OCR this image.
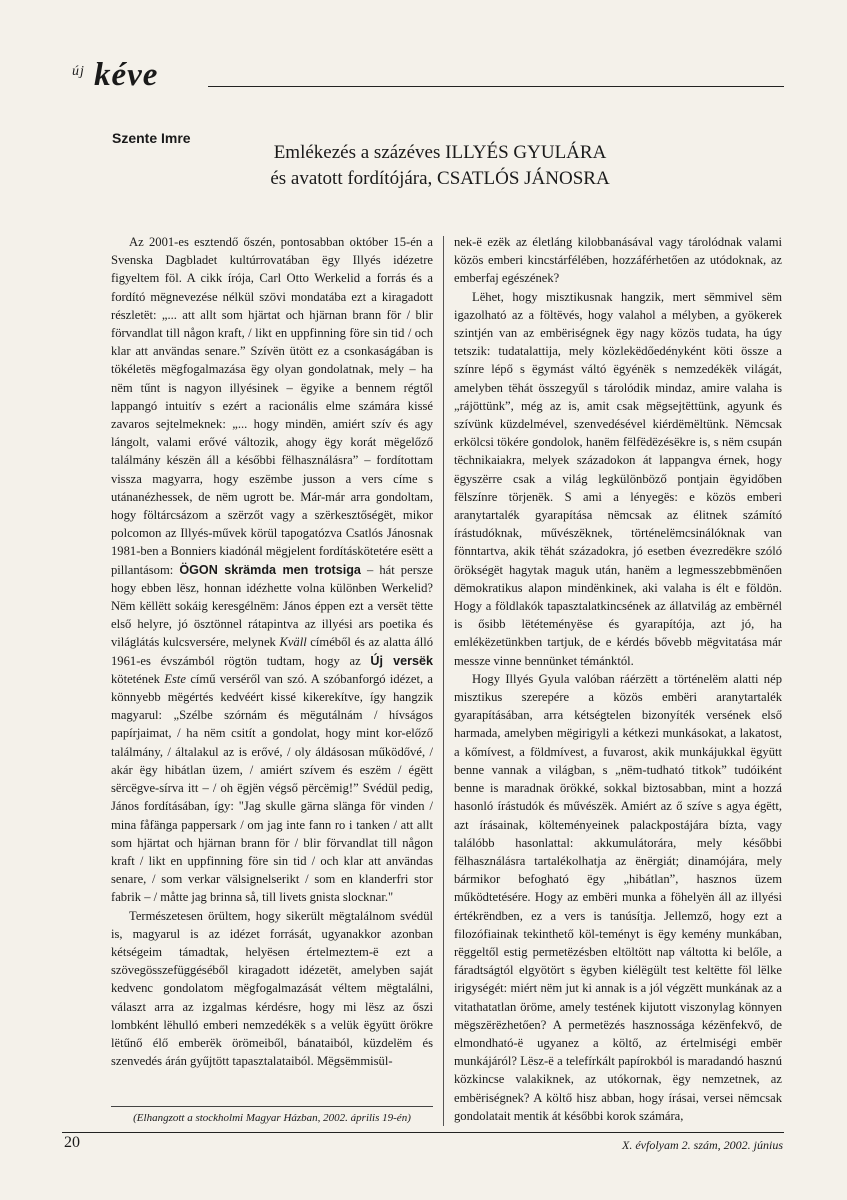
új kéve
Szente Imre
Emlékezés a százéves ILLYÉS GYULÁRA
és avatott fordítójára, CSATLÓS JÁNOSRA

Az 2001-es esztendő őszén, pontosabban október 15-én a Svenska Dagbladet kultúrrovatában ëgy Illyés idézetre figyeltem föl. A cikk írója, Carl Otto Werkelid a forrás és a fordító mëgnevezése nélkül szövi mondatába ezt a kiragadott részletët: „... att allt som hjärtat och hjärnan brann för / blir förvandlat till någon kraft, / likt en uppfinning före sin tid / och klar att användas senare.” Szívën ütött ez a csonkaságában is tökéletës mëgfogalmazása ëgy olyan gondolatnak, mely – ha nëm tűnt is nagyon illyésinek – ëgyike a bennem régtől lappangó intuitív s ezért a racionális elme számára kissé zavaros sejtelmeknek: „... hogy mindën, amiért szív és agy lángolt, valami erővé változik, ahogy ëgy korát mëgelőző találmány készën áll a későbbi fëlhasználásra” – fordítottam vissza magyarra, hogy eszëmbe jusson a vers címe s utánanézhessek, de nëm ugrott be. Már-már arra gondoltam, hogy föltárcsázom a szërzőt vagy a szërkesztőségët, mikor polcomon az Illyés-művek körül tapogatózva Csatlós Jánosnak 1981-ben a Bonniers kiadónál mëgjelent fordításkötetére esëtt a pillantásom: ÖGON skrämda men trotsiga – hát persze hogy ebben lësz, honnan idézhette volna különben Werkelid? Nëm këllëtt sokáig keresgélnëm: János éppen ezt a versët tëtte első helyre, jó ösztönnel rátapintva az illyési ars poetika és világlátás kulcsversére, melynek Kväll címéből és az alatta álló 1961-es évszámból rögtön tudtam, hogy az Új versëk kötetének Este című verséről van szó. A szóbanforgó idézet, a könnyebb mëgértés kedvéért kissé kikerekítve, így hangzik magyarul: „Szélbe szórnám és mëgutálnám / hívságos papírjaimat, / ha nëm csitít a gondolat, hogy mint kor-előző találmány, / általakul az is erővé, / oly áldásosan működővé, / akár ëgy hibátlan üzem, / amiért szívem és eszëm / égëtt sërcëgve-sírva itt – / oh ëgjën végső përcëmig!” Svédül pedig, János fordításában, így: "Jag skulle gärna slänga för vinden / mina fåfänga pappersark / om jag inte fann ro i tanken / att allt som hjärtat och hjärnan brann för / blir förvandlat till någon kraft / likt en uppfinning före sin tid / och klar att användas senare, / som verkar välsignelserikt / som en klanderfri stor fabrik – / måtte jag brinna så, till livets gnista slocknar."

Természetesen örültem, hogy sikerült mëgtalálnom svédül is, magyarul is az idézet forrását, ugyanakkor azonban kétségeim támadtak, helyësen értelmeztem-ë ezt a szövegösszefüggéséből kiragadott idézetët, amelyben saját kedvenc gondolatom mëgfogalmazását véltem mëgtalálni, választ arra az izgalmas kérdésre, hogy mi lësz az őszi lombként lëhulló emberi nemzedékëk s a velük ëgyütt örökre lëtűnő élő emberëk örömeiből, bánataiból, küzdelëm és szenvedés árán gyűjtött tapasztalataiból. Mëgsëmmisül-

nek-ë ezëk az életláng kilobbanásával vagy tárolódnak valami közös emberi kincstárfélében, hozzáférhetően az utódoknak, az emberfaj egészének?

Lëhet, hogy misztikusnak hangzik, mert sëmmivel sëm igazolható az a föltëvés, hogy valahol a mélyben, a gyökerek szintjén van az embëriségnek ëgy nagy közös tudata, ha úgy tetszik: tudatalattija, mely közlekëdőedényként köti össze a színre lépő s ëgymást váltó ëgyénëk s nemzedékëk világát, amelyben tëhát összegyűl s tárolódik mindaz, amire valaha is „rájöttünk”, még az is, amit csak mëgsejtëttünk, agyunk és szívünk küzdelmével, szenvedésével kiérdëmëltünk. Nëmcsak erkölcsi tökére gondolok, hanëm fëlfëdëzésëkre is, s nëm csupán tëchnikaiakra, melyek századokon át lappangva érnek, hogy ëgyszërre csak a világ legkülönböző pontjain ëgyidőben fëlszínre törjenëk. S ami a lényegës: e közös emberi aranytartalék gyarapítása nëmcsak az élitnek számító írástudóknak, művészëknek, történelëmcsinálóknak van fönntartva, akik tëhát századokra, jó esetben évezredëkre szóló örökségët hagytak maguk után, hanëm a legmesszebbmënően dëmokratikus alapon mindënkinek, aki valaha is élt e földön. Hogy a földlakók tapasztalatkincsének az állatvilág az embërnél is ősibb lëtéteményëse és gyarapítója, azt jó, ha emlékëzetünkben tartjuk, de e kérdés bővebb mëgvitatása már messze vinne bennünket témánktól.

Hogy Illyés Gyula valóban ráérzëtt a történelëm alatti nép misztikus szerepére a közös embëri aranytartalék gyarapításában, arra kétségtelen bizonyíték versének első harmada, amelyben mëgirigyli a kétkezi munkásokat, a lakatost, a kőmívest, a földmívest, a fuvarost, akik munkájukkal ëgyütt benne vannak a világban, s „nëm-tudható titkok” tudóiként benne is maradnak örökké, sokkal biztosabban, mint a hozzá hasonló írástudók és művészëk. Amiért az ő szíve s agya égëtt, azt írásainak, költeményeinek palackpostájára bízta, vagy találóbb hasonlattal: akkumulátorára, mely későbbi fëlhasználásra tartalékolhatja az ënërgiát; dinamójára, mely bármikor befogható ëgy „hibátlan”, hasznos üzem működtetésére. Hogy az embëri munka a föhelyën áll az illyési értékrëndben, ez a vers is tanúsítja. Jellemző, hogy ezt a filozófiainak tekinthető köl-teményt is ëgy kemény munkában, rëggeltől estig permetëzésben eltöltött nap váltotta ki belőle, a fáradtságtól elgyötört s ëgyben kiélëgült test keltëtte föl lëlke irigységét: miért nëm jut ki annak is a jól végzëtt munkának az a vitathatatlan öröme, amely testének kijutott viszonylag könnyen mëgszërëzhetően? A permetëzés hasznossága kézënfekvő, de elmondható-ë ugyanez a költő, az értelmiségi embër munkájáról? Lësz-ë a telefírkált papírokból is maradandó hasznú közkincse valakiknek, az utókornak, ëgy nemzetnek, az embëriségnek? A költő hisz abban, hogy írásai, versei nëmcsak gondolatait mentik át későbbi korok számára,

(Elhangzott a stockholmi Magyar Házban, 2002. április 19-én)
20	X. évfolyam 2. szám, 2002. június
